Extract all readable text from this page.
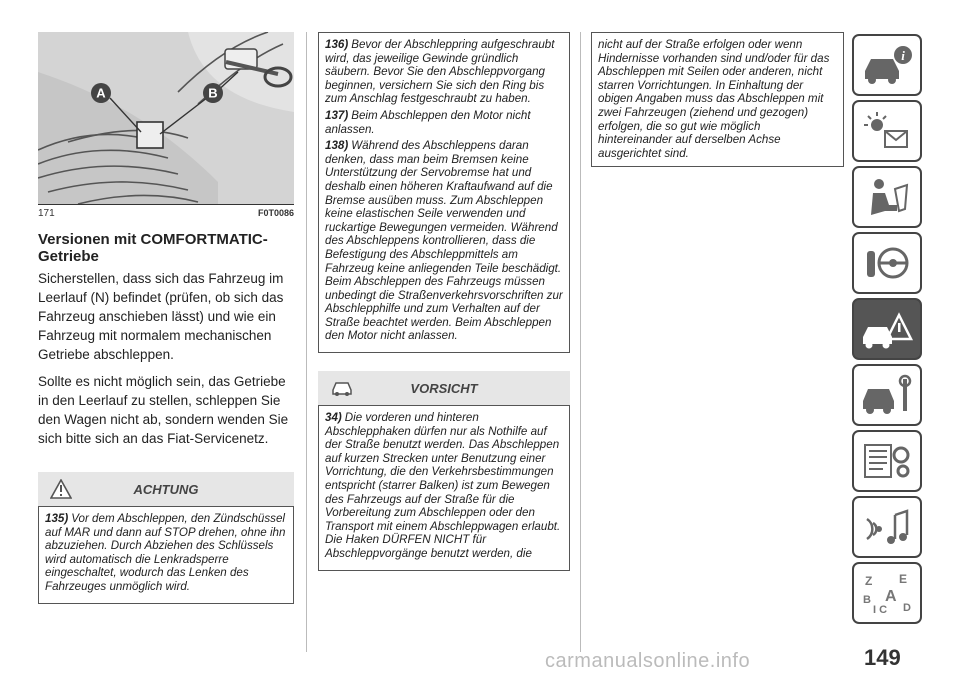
A	B
171	F0T0086
Versionen mit COMFORTMATIC-Getriebe

Sicherstellen, dass sich das Fahrzeug im Leerlauf (N) befindet (prüfen, ob sich das Fahrzeug anschieben lässt) und wie ein Fahrzeug mit normalem mechanischen Getriebe abschleppen.

Sollte es nicht möglich sein, das Getriebe in den Leerlauf zu stellen, schleppen Sie den Wagen nicht ab, sondern wenden Sie sich bitte sich an das Fiat-Servicenetz.

ACHTUNG
135) Vor dem Abschleppen, den Zündschüssel auf MAR und dann auf STOP drehen, ohne ihn abzuziehen. Durch Abziehen des Schlüssels wird automatisch die Lenkradsperre eingeschaltet, wodurch das Lenken des Fahrzeuges unmöglich wird.
136) Bevor der Abschleppring aufgeschraubt wird, das jeweilige Gewinde gründlich säubern. Bevor Sie den Abschleppvorgang beginnen, versichern Sie sich den Ring bis zum Anschlag festgeschraubt zu haben.
137) Beim Abschleppen den Motor nicht anlassen.
138) Während des Abschleppens daran denken, dass man beim Bremsen keine Unterstützung der Servobremse hat und deshalb einen höheren Kraftaufwand auf die Bremse ausüben muss. Zum Abschleppen keine elastischen Seile verwenden und ruckartige Bewegungen vermeiden. Während des Abschleppens kontrollieren, dass die Befestigung des Abschleppmittels am Fahrzeug keine anliegenden Teile beschädigt. Beim Abschleppen des Fahrzeugs müssen unbedingt die Straßenverkehrsvorschriften zur Abschlepphilfe und zum Verhalten auf der Straße beachtet werden. Beim Abschleppen den Motor nicht anlassen.
VORSICHT
34) Die vorderen und hinteren Abschlepphaken dürfen nur als Nothilfe auf der Straße benutzt werden. Das Abschleppen auf kurzen Strecken unter Benutzung einer Vorrichtung, die den Verkehrsbestimmungen entspricht (starrer Balken) ist zum Bewegen des Fahrzeugs auf der Straße für die Vorbereitung zum Abschleppen oder den Transport mit einem Abschleppwagen erlaubt. Die Haken DÜRFEN NICHT für Abschleppvorgänge benutzt werden, die
nicht auf der Straße erfolgen oder wenn Hindernisse vorhanden sind und/oder für das Abschleppen mit Seilen oder anderen, nicht starren Vorrichtungen. In Einhaltung der obigen Angaben muss das Abschleppen mit zwei Fahrzeugen (ziehend und gezogen) erfolgen, die so gut wie möglich hintereinander auf derselben Achse ausgerichtet sind.
i
Z E
B A
I C D
carmanualsonline.info	149
